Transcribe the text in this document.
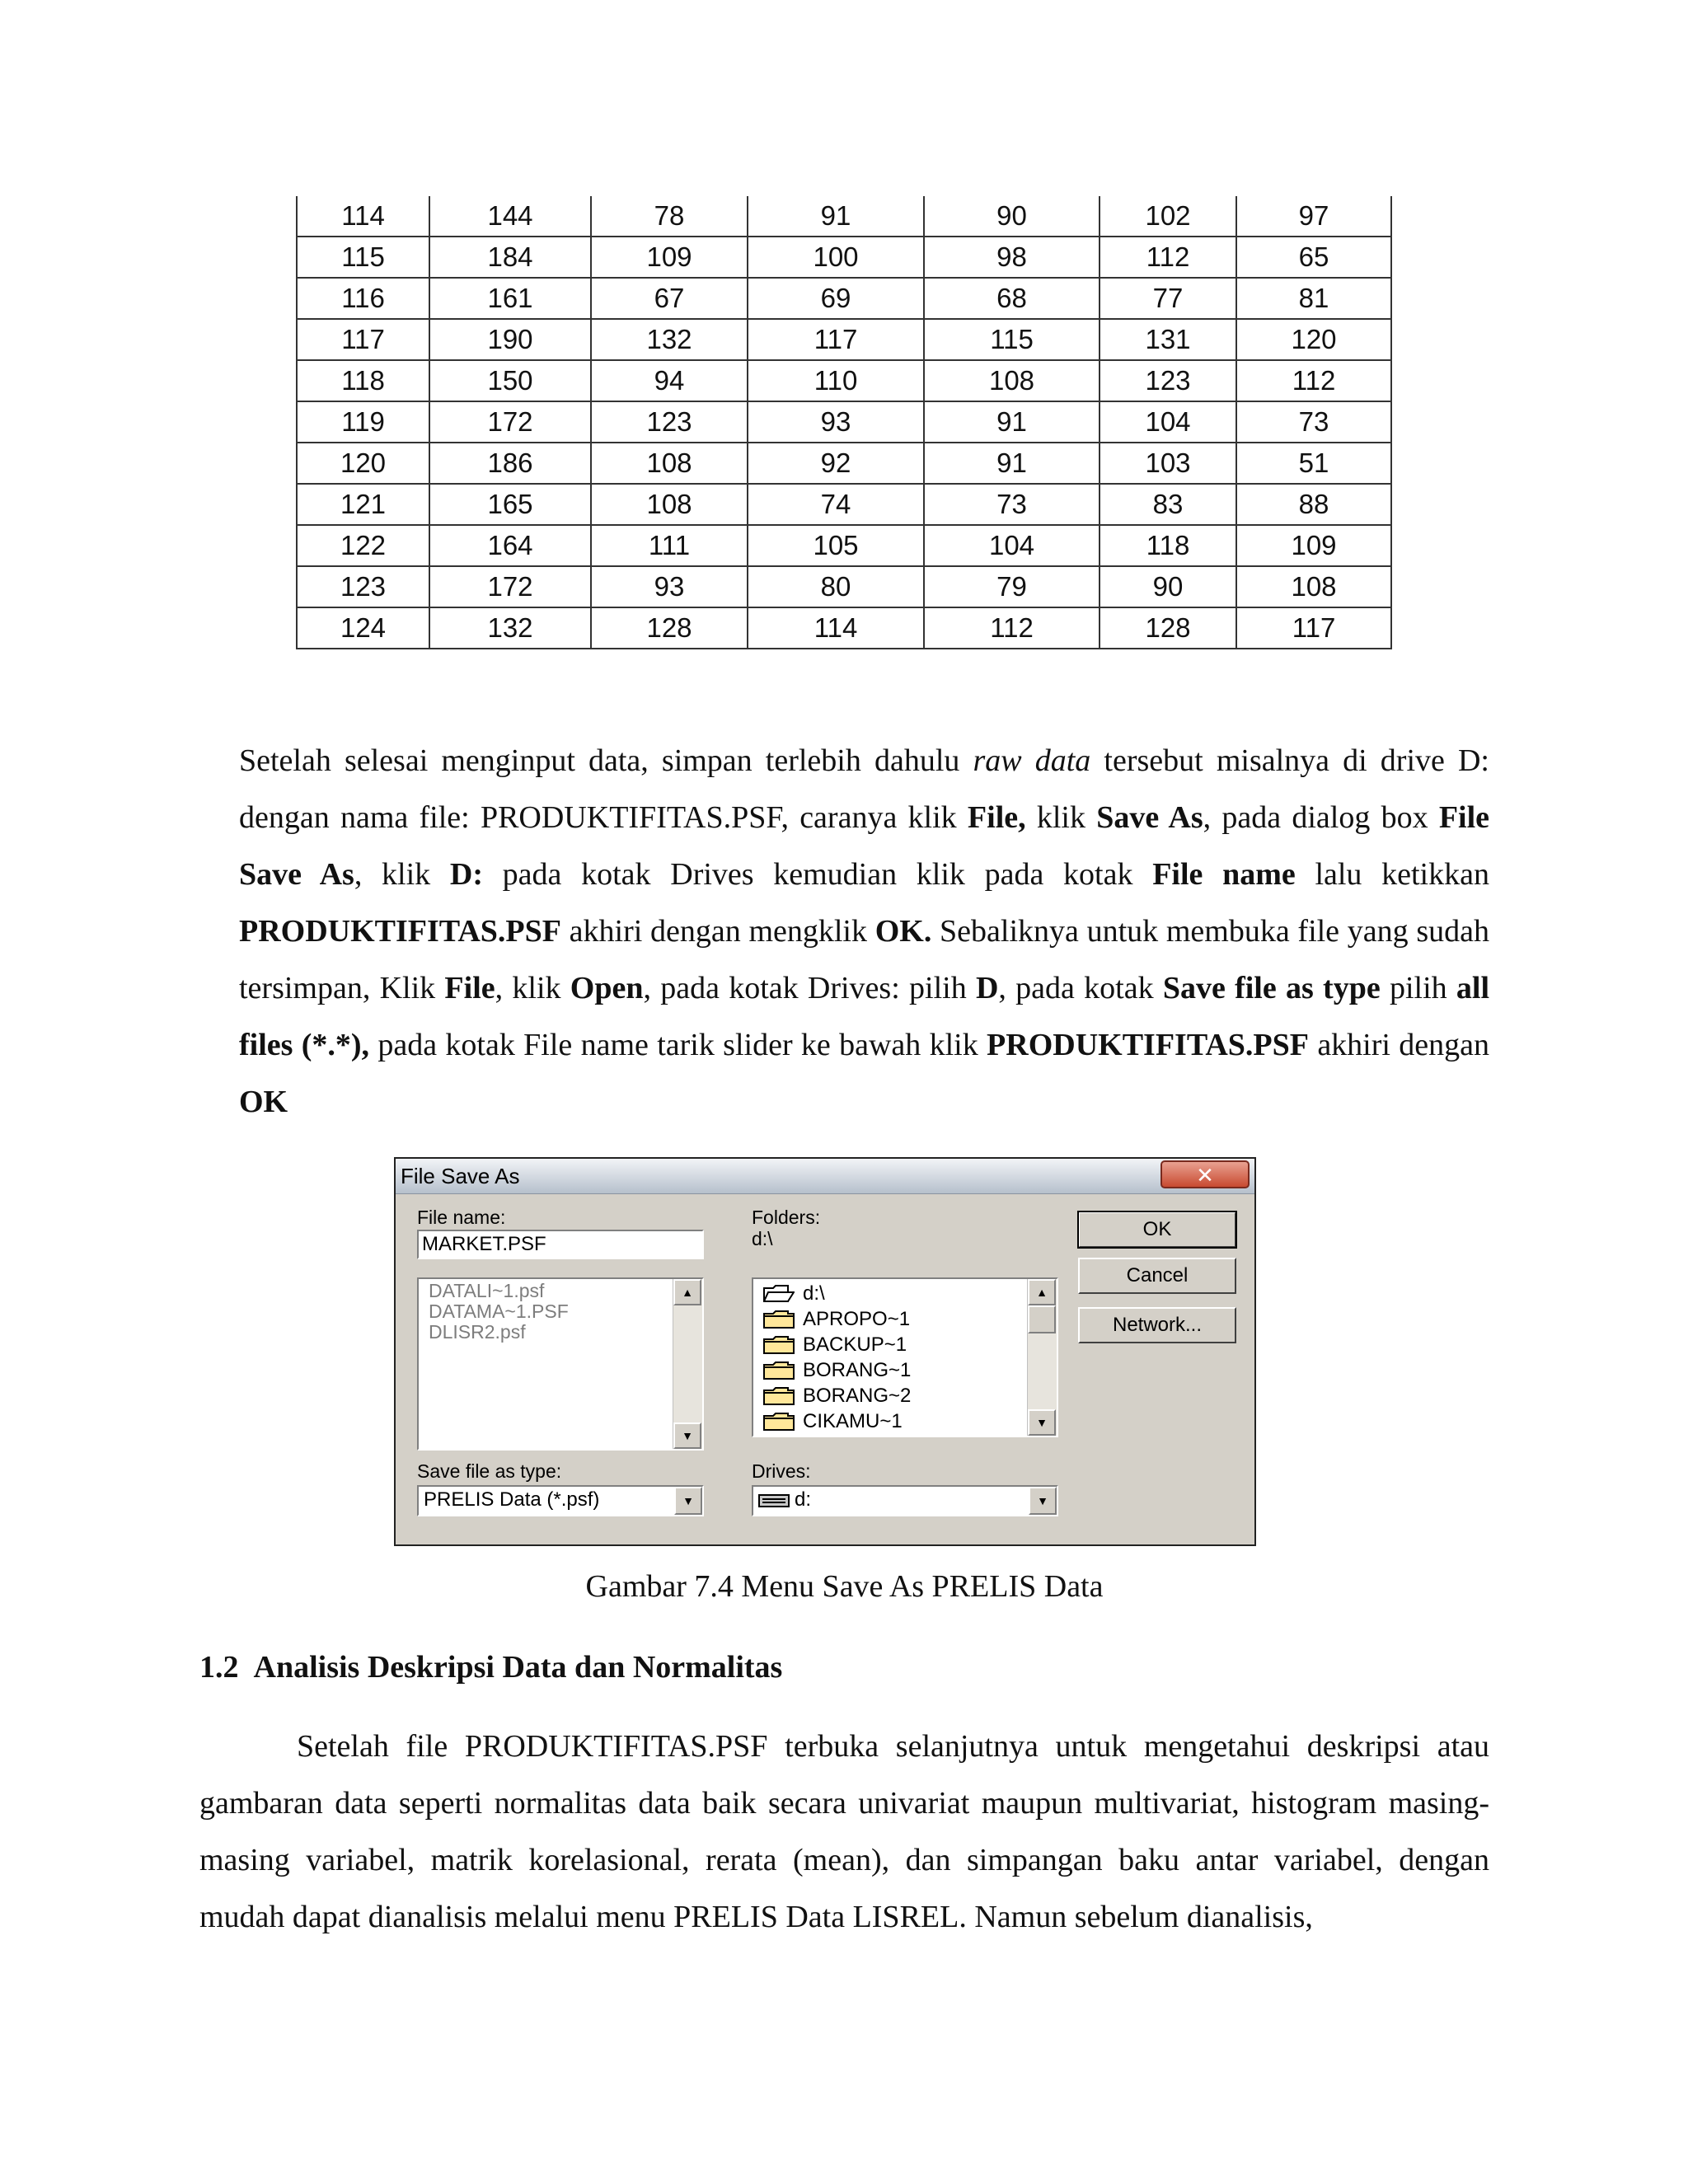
114	144	78	91	90	102	97
115	184	109	100	98	112	65
116	161	67	69	68	77	81
117	190	132	117	115	131	120
118	150	94	110	108	123	112
119	172	123	93	91	104	73
120	186	108	92	91	103	51
121	165	108	74	73	83	88
122	164	111	105	104	118	109
123	172	93	80	79	90	108
124	132	128	114	112	128	117

Setelah selesai menginput data, simpan terlebih dahulu raw data tersebut misalnya di drive D: dengan nama file: PRODUKTIFITAS.PSF, caranya klik File, klik Save As, pada dialog box File Save As, klik D: pada kotak Drives kemudian klik pada kotak File name lalu ketikkan PRODUKTIFITAS.PSF akhiri dengan mengklik OK. Sebaliknya untuk membuka file yang sudah tersimpan, Klik File, klik Open, pada kotak Drives: pilih D, pada kotak Save file as type pilih all files (*.*), pada kotak File name tarik slider ke bawah klik PRODUKTIFITAS.PSF akhiri dengan OK

File Save As	✕
File name:
MARKET.PSF
DATALI~1.psf
DATAMA~1.PSF
DLISR2.psf
▲
▼
Folders:
d:\
d:\
APROPO~1
BACKUP~1
BORANG~1
BORANG~2
CIKAMU~1
▲
▼
Save file as type:
PRELIS Data (*.psf)	▼
Drives:
d:	▼
OK
Cancel
Network...
Gambar 7.4 Menu Save As PRELIS Data
1.2 Analisis Deskripsi Data dan Normalitas

Setelah file PRODUKTIFITAS.PSF terbuka selanjutnya untuk mengetahui deskripsi atau gambaran data seperti normalitas data baik secara univariat maupun multivariat, histogram masing-masing variabel, matrik korelasional, rerata (mean), dan simpangan baku antar variabel, dengan mudah dapat dianalisis melalui menu PRELIS Data LISREL. Namun sebelum dianalisis,
